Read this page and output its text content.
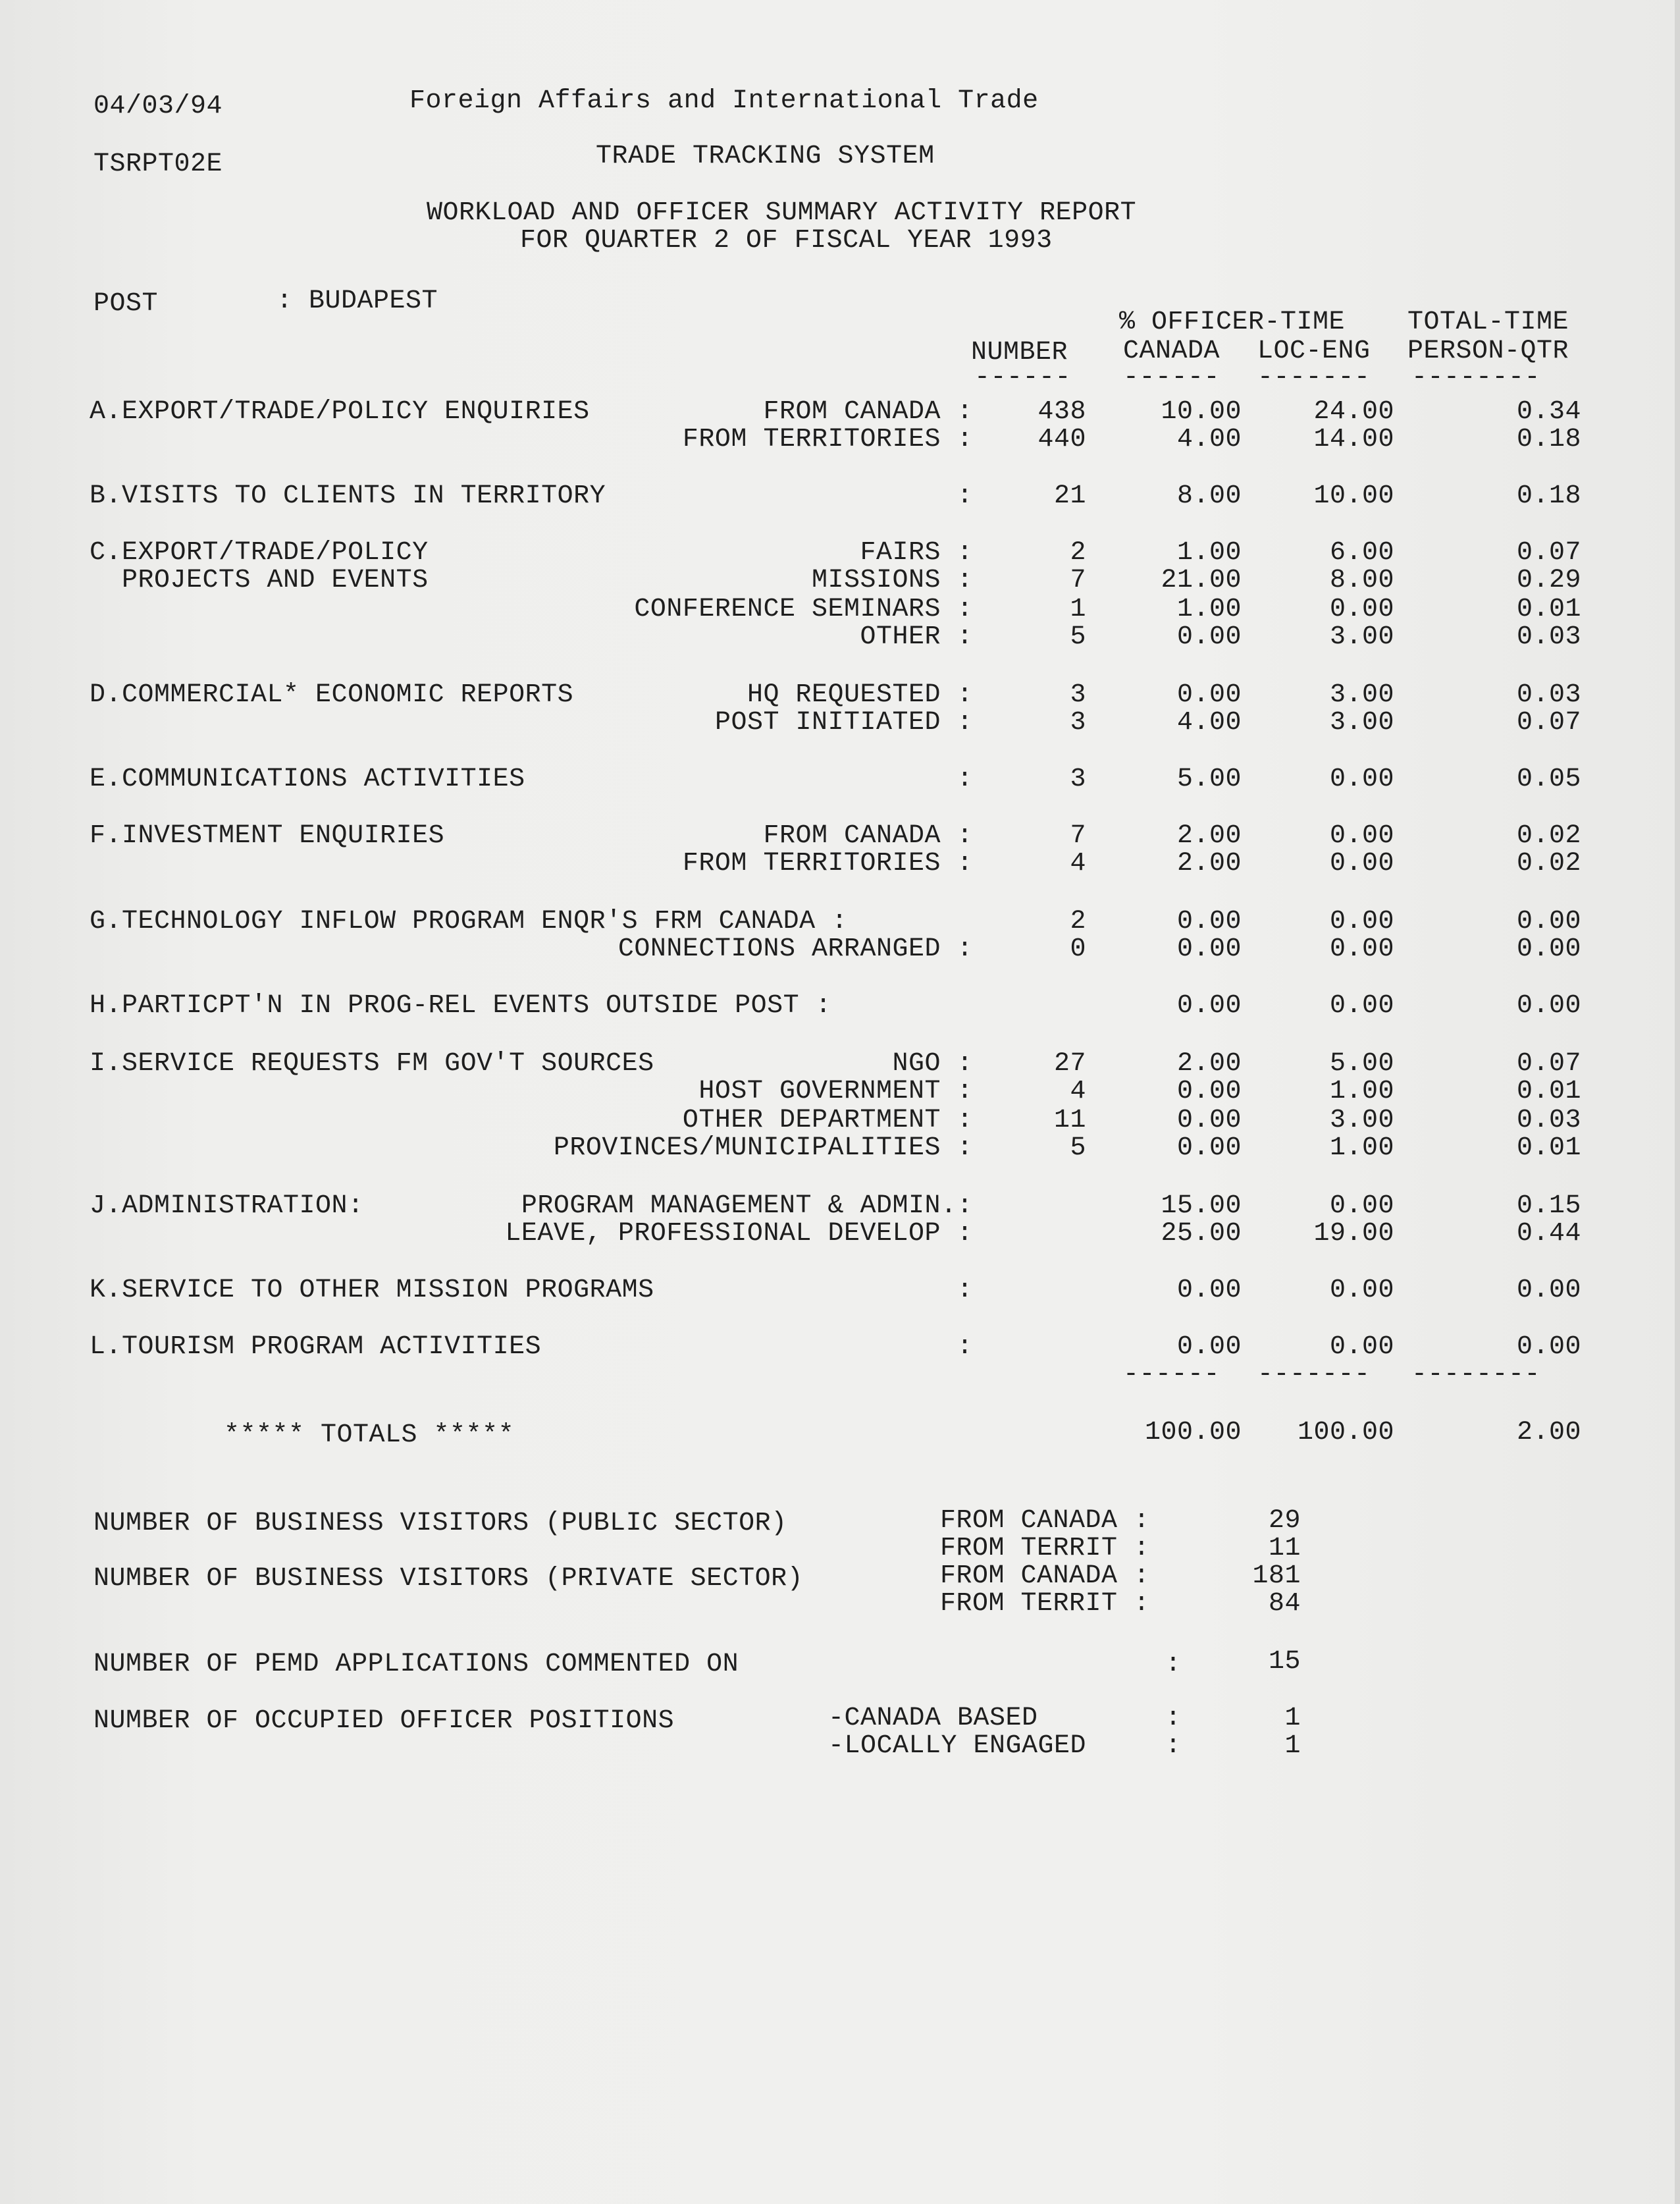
04/03/94	Foreign Affairs and International Trade
TSRPT02E	TRADE TRACKING SYSTEM
WORKLOAD AND OFFICER SUMMARY ACTIVITY REPORT
FOR QUARTER 2 OF FISCAL YEAR 1993
POST	: BUDAPEST
% OFFICER-TIME TOTAL-TIME
NUMBER CANADA LOC-ENG PERSON-QTR
------ ------ ------- --------
A.EXPORT/TRADE/POLICY ENQUIRIES	FROM CANADA :	438	10.00	24.00	0.34
FROM TERRITORIES :	440	4.00	14.00	0.18
B.VISITS TO CLIENTS IN TERRITORY	:	21	8.00	10.00	0.18
C.EXPORT/TRADE/POLICY	FAIRS :	2	1.00	6.00	0.07
PROJECTS AND EVENTS	MISSIONS :	7	21.00	8.00	0.29
CONFERENCE SEMINARS :	1	1.00	0.00	0.01
OTHER :	5	0.00	3.00	0.03
D.COMMERCIAL* ECONOMIC REPORTS	HQ REQUESTED :	3	0.00	3.00	0.03
POST INITIATED :	3	4.00	3.00	0.07
E.COMMUNICATIONS ACTIVITIES	:	3	5.00	0.00	0.05
F.INVESTMENT ENQUIRIES	FROM CANADA :	7	2.00	0.00	0.02
FROM TERRITORIES :	4	2.00	0.00	0.02
G.TECHNOLOGY INFLOW PROGRAM ENQR'S FRM CANADA :	2	0.00	0.00	0.00
CONNECTIONS ARRANGED :	0	0.00	0.00	0.00
H.PARTICPT'N IN PROG-REL EVENTS OUTSIDE POST :	0.00	0.00	0.00
I.SERVICE REQUESTS FM GOV'T SOURCES	NGO :	27	2.00	5.00	0.07
HOST GOVERNMENT :	4	0.00	1.00	0.01
OTHER DEPARTMENT :	11	0.00	3.00	0.03
PROVINCES/MUNICIPALITIES :	5	0.00	1.00	0.01
J.ADMINISTRATION:	PROGRAM MANAGEMENT & ADMIN.:	15.00	0.00	0.15
LEAVE, PROFESSIONAL DEVELOP :	25.00	19.00	0.44
K.SERVICE TO OTHER MISSION PROGRAMS	:	0.00	0.00	0.00
L.TOURISM PROGRAM ACTIVITIES	:	0.00	0.00	0.00
------ ------- --------
***** TOTALS *****	100.00	100.00	2.00
NUMBER OF BUSINESS VISITORS (PUBLIC SECTOR)	FROM CANADA :	29
FROM TERRIT :	11
NUMBER OF BUSINESS VISITORS (PRIVATE SECTOR)	FROM CANADA :	181
FROM TERRIT :	84
NUMBER OF PEMD APPLICATIONS COMMENTED ON	:	15
NUMBER OF OCCUPIED OFFICER POSITIONS	-CANADA BASED	:	1
-LOCALLY ENGAGED	:	1
